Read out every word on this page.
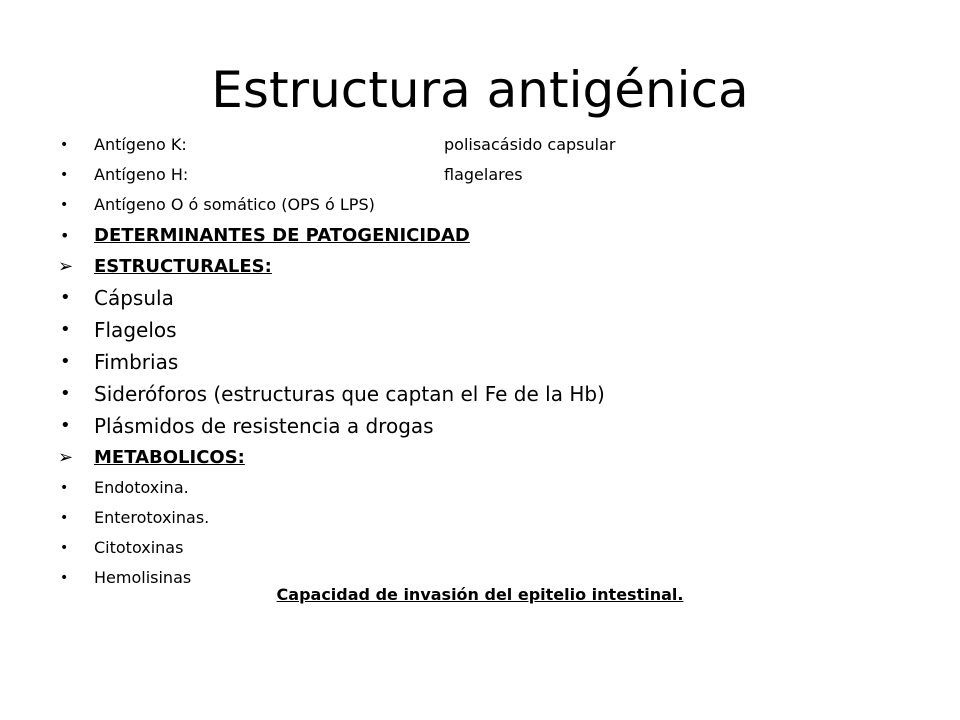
Estructura antigénica
• Antígeno K:	polisacásido capsular
• Antígeno H:	flagelares
• Antígeno O ó somático (OPS ó LPS)
• DETERMINANTES DE PATOGENICIDAD
➢ ESTRUCTURALES:
• Cápsula
• Flagelos
• Fimbrias
• Sideróforos (estructuras que captan el Fe de la Hb)
• Plásmidos de resistencia a drogas
➢ METABOLICOS:
• Endotoxina.
• Enterotoxinas.
• Citotoxinas
• Hemolisinas
Capacidad de invasión del epitelio intestinal.
